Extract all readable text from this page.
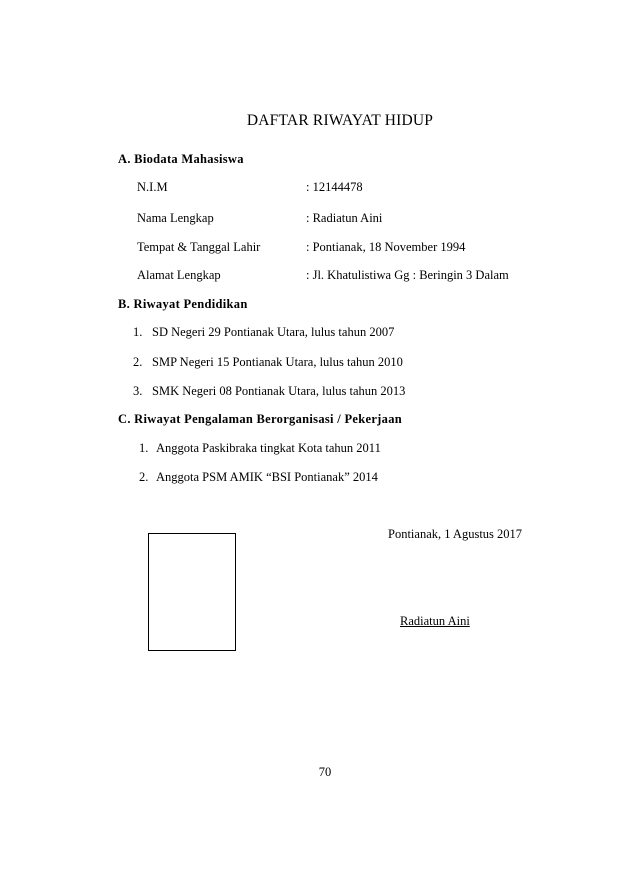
DAFTAR RIWAYAT HIDUP
A. Biodata Mahasiswa
N.I.M	: 12144478
Nama Lengkap	: Radiatun Aini
Tempat & Tanggal Lahir	: Pontianak, 18 November 1994
Alamat Lengkap	: Jl. Khatulistiwa Gg : Beringin 3 Dalam
B. Riwayat Pendidikan
1. SD Negeri 29 Pontianak Utara, lulus tahun 2007
2. SMP Negeri 15 Pontianak Utara, lulus tahun 2010
3. SMK Negeri 08 Pontianak Utara, lulus tahun 2013
C. Riwayat Pengalaman Berorganisasi / Pekerjaan
1. Anggota Paskibraka tingkat Kota tahun 2011
2. Anggota PSM AMIK “BSI Pontianak” 2014
Pontianak, 1 Agustus 2017
Radiatun Aini
70
